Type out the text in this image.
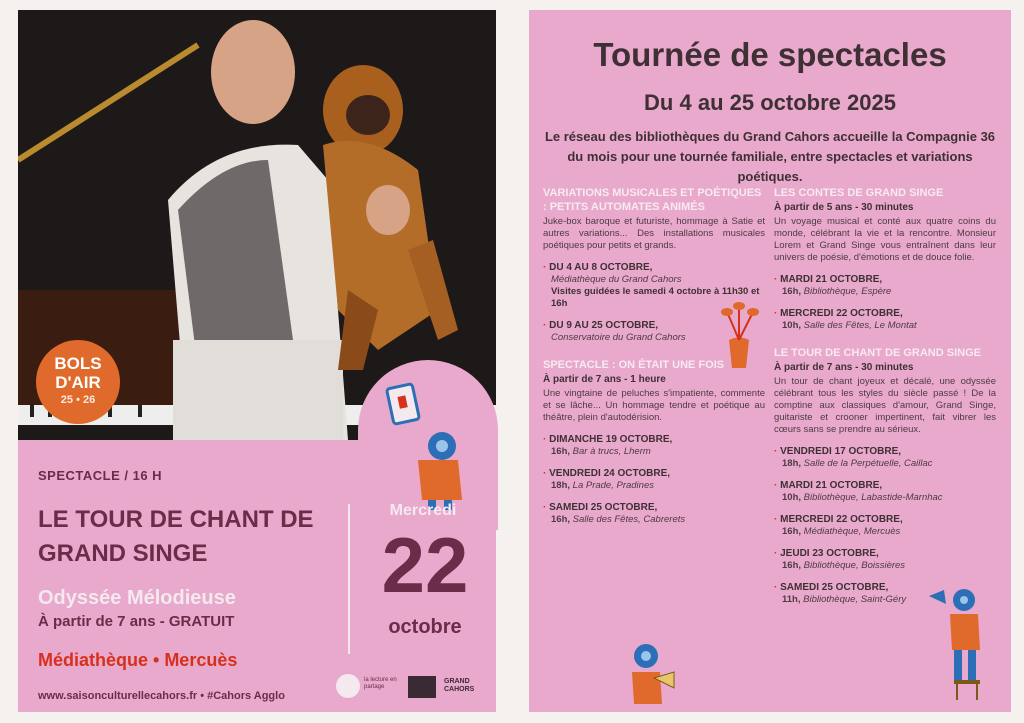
BOLS
D'AIR
25 • 26
SPECTACLE / 16 H
LE TOUR DE CHANT DE GRAND SINGE
Odyssée Mélodieuse
À partir de 7 ans - GRATUIT
Médiathèque • Mercuès
www.saisonculturellecahors.fr • #Cahors Agglo
Mercredi
22
octobre
la lecture en partage
GRAND CAHORS
Tournée de spectacles
Du 4 au 25 octobre 2025
Le réseau des bibliothèques du Grand Cahors accueille la Compagnie 36 du mois pour une tournée familiale, entre spectacles et variations poétiques.
VARIATIONS MUSICALES ET POÉTIQUES : PETITS AUTOMATES ANIMÉS
Juke-box baroque et futuriste, hommage à Satie et autres variations... Des installations musicales poétiques pour petits et grands.
· DU 4 AU 8 OCTOBRE,
Médiathèque du Grand Cahors
Visites guidées le samedi 4 octobre à 11h30 et 16h
· DU 9 AU 25 OCTOBRE,
Conservatoire du Grand Cahors
SPECTACLE : ON ÉTAIT UNE FOIS
À partir de 7 ans - 1 heure
Une vingtaine de peluches s'impatiente, commente et se lâche... Un hommage tendre et poétique au théâtre, plein d'autodérision.
· DIMANCHE 19 OCTOBRE,
16h, Bar à trucs, Lherm
· VENDREDI 24 OCTOBRE,
18h, La Prade, Pradines
· SAMEDI 25 OCTOBRE,
16h, Salle des Fêtes, Cabrerets
LES CONTES DE GRAND SINGE
À partir de 5 ans - 30 minutes
Un voyage musical et conté aux quatre coins du monde, célébrant la vie et la rencontre. Monsieur Lorem et Grand Singe vous entraînent dans leur univers de poésie, d'émotions et de douce folie.
· MARDI 21 OCTOBRE,
16h, Bibliothèque, Espère
· MERCREDI 22 OCTOBRE,
10h, Salle des Fêtes, Le Montat
LE TOUR DE CHANT DE GRAND SINGE
À partir de 7 ans - 30 minutes
Un tour de chant joyeux et décalé, une odyssée célébrant tous les styles du siècle passé ! De la comptine aux classiques d'amour, Grand Singe, guitariste et crooner impertinent, fait vibrer les cœurs sans se prendre au sérieux.
· VENDREDI 17 OCTOBRE,
18h, Salle de la Perpétuelle, Caillac
· MARDI 21 OCTOBRE,
10h, Bibliothèque, Labastide-Marnhac
· MERCREDI 22 OCTOBRE,
16h, Médiathèque, Mercuès
· JEUDI 23 OCTOBRE,
16h, Bibliothèque, Boissières
· SAMEDI 25 OCTOBRE,
11h, Bibliothèque, Saint-Géry
